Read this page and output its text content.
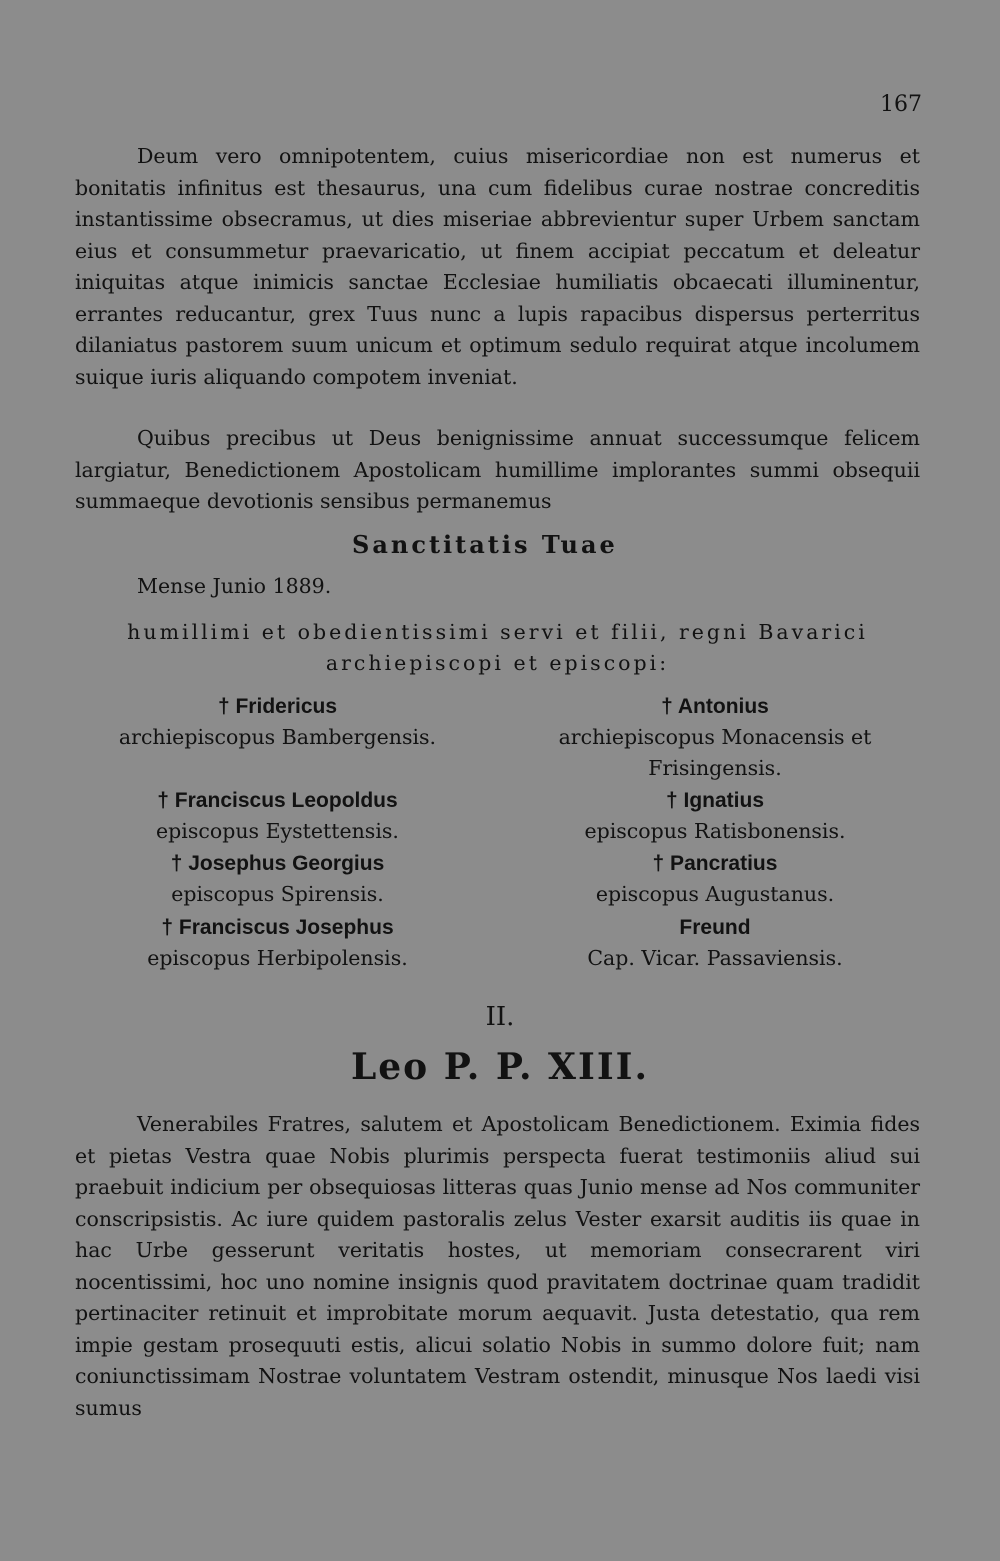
167

Deum vero omnipotentem, cuius misericordiae non est numerus et bonitatis infinitus est thesaurus, una cum fidelibus curae nostrae concreditis instantissime obsecramus, ut dies miseriae abbrevientur super Urbem sanctam eius et consummetur praevaricatio, ut finem accipiat peccatum et deleatur iniquitas atque inimicis sanctae Ecclesiae humiliatis obcaecati illuminentur, errantes reducantur, grex Tuus nunc a lupis rapacibus dispersus perterritus dilaniatus pastorem suum unicum et optimum sedulo requirat atque incolumem suique iuris aliquando compotem inveniat.

Quibus precibus ut Deus benignissime annuat successumque felicem largiatur, Benedictionem Apostolicam humillime implorantes summi obsequii summaeque devotionis sensibus permanemus

Sanctitatis Tuae
Mense Junio 1889.
humillimi et obedientissimi servi et filii, regni Bavarici
archiepiscopi et episcopi:
† Fridericus
archiepiscopus Bambergensis.
† Antonius
archiepiscopus Monacensis et Frisingensis.
† Franciscus Leopoldus
episcopus Eystettensis.
† Ignatius
episcopus Ratisbonensis.
† Josephus Georgius
episcopus Spirensis.
† Pancratius
episcopus Augustanus.
† Franciscus Josephus
episcopus Herbipolensis.
Freund
Cap. Vicar. Passaviensis.
II.
Leo P. P. XIII.

Venerabiles Fratres, salutem et Apostolicam Benedictionem. Eximia fides et pietas Vestra quae Nobis plurimis perspecta fuerat testimoniis aliud sui praebuit indicium per obsequiosas litteras quas Junio mense ad Nos communiter conscripsistis. Ac iure quidem pastoralis zelus Vester exarsit auditis iis quae in hac Urbe gesserunt veritatis hostes, ut memoriam consecrarent viri nocentissimi, hoc uno nomine insignis quod pravitatem doctrinae quam tradidit pertinaciter retinuit et improbitate morum aequavit. Justa detestatio, qua rem impie gestam prosequuti estis, alicui solatio Nobis in summo dolore fuit; nam coniunctissimam Nostrae voluntatem Vestram ostendit, minusque Nos laedi visi sumus
